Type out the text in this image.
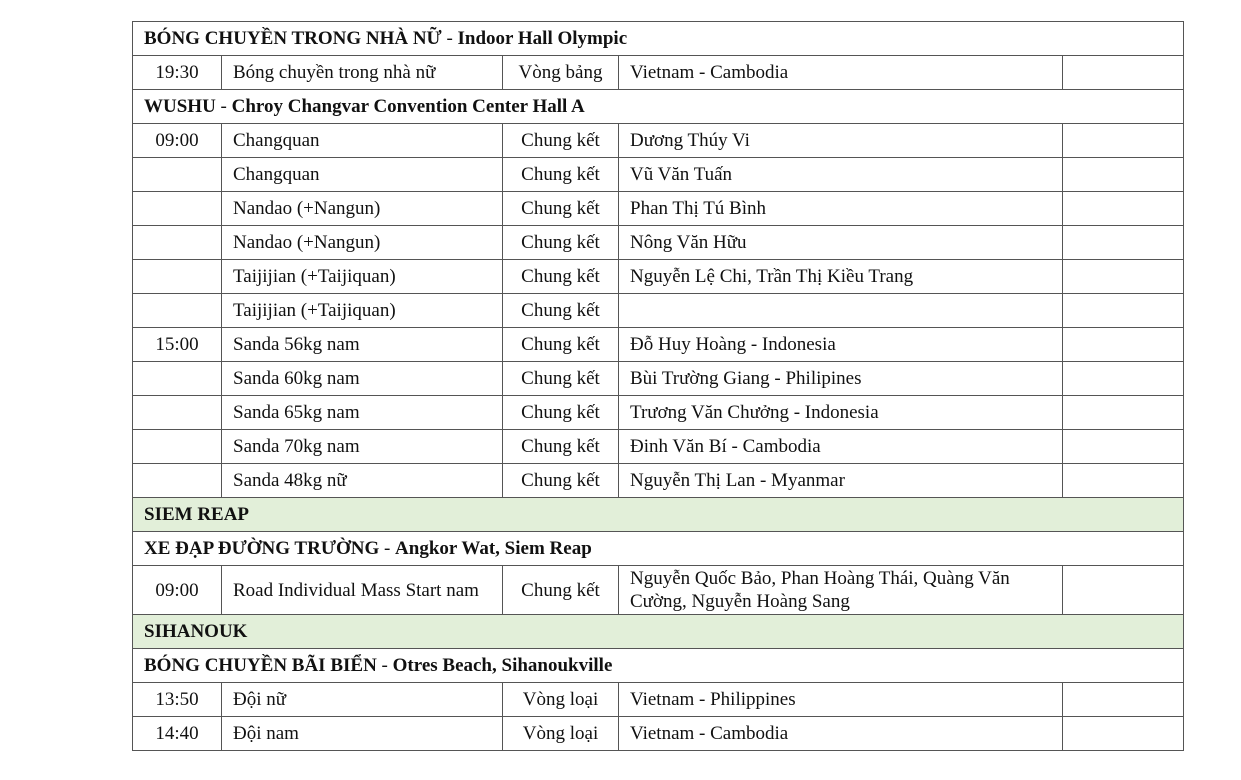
BÓNG CHUYỀN TRONG NHÀ NỮ - Indoor Hall Olympic				
19:30	Bóng chuyền trong nhà nữ	Vòng bảng	Vietnam - Cambodia	
WUSHU - Chroy Changvar Convention Center Hall A				
09:00	Changquan	Chung kết	Dương Thúy Vi	
	Changquan	Chung kết	Vũ Văn Tuấn	
	Nandao (+Nangun)	Chung kết	Phan Thị Tú Bình	
	Nandao (+Nangun)	Chung kết	Nông Văn Hữu	
	Taijijian (+Taijiquan)	Chung kết	Nguyễn Lệ Chi, Trần Thị Kiều Trang	
	Taijijian (+Taijiquan)	Chung kết		
15:00	Sanda 56kg nam	Chung kết	Đỗ Huy Hoàng - Indonesia	
	Sanda 60kg nam	Chung kết	Bùi Trường Giang - Philipines	
	Sanda 65kg nam	Chung kết	Trương Văn Chưởng - Indonesia	
	Sanda 70kg nam	Chung kết	Đinh Văn Bí - Cambodia	
	Sanda 48kg nữ	Chung kết	Nguyễn Thị Lan - Myanmar	
SIEM REAP				
XE ĐẠP ĐƯỜNG TRƯỜNG - Angkor Wat, Siem Reap				
09:00	Road Individual Mass Start nam	Chung kết	Nguyễn Quốc Bảo, Phan Hoàng Thái, Quàng Văn Cường, Nguyễn Hoàng Sang	
SIHANOUK				
BÓNG CHUYỀN BÃI BIỂN - Otres Beach, Sihanoukville				
13:50	Đội nữ	Vòng loại	Vietnam - Philippines	
14:40	Đội nam	Vòng loại	Vietnam - Cambodia	
